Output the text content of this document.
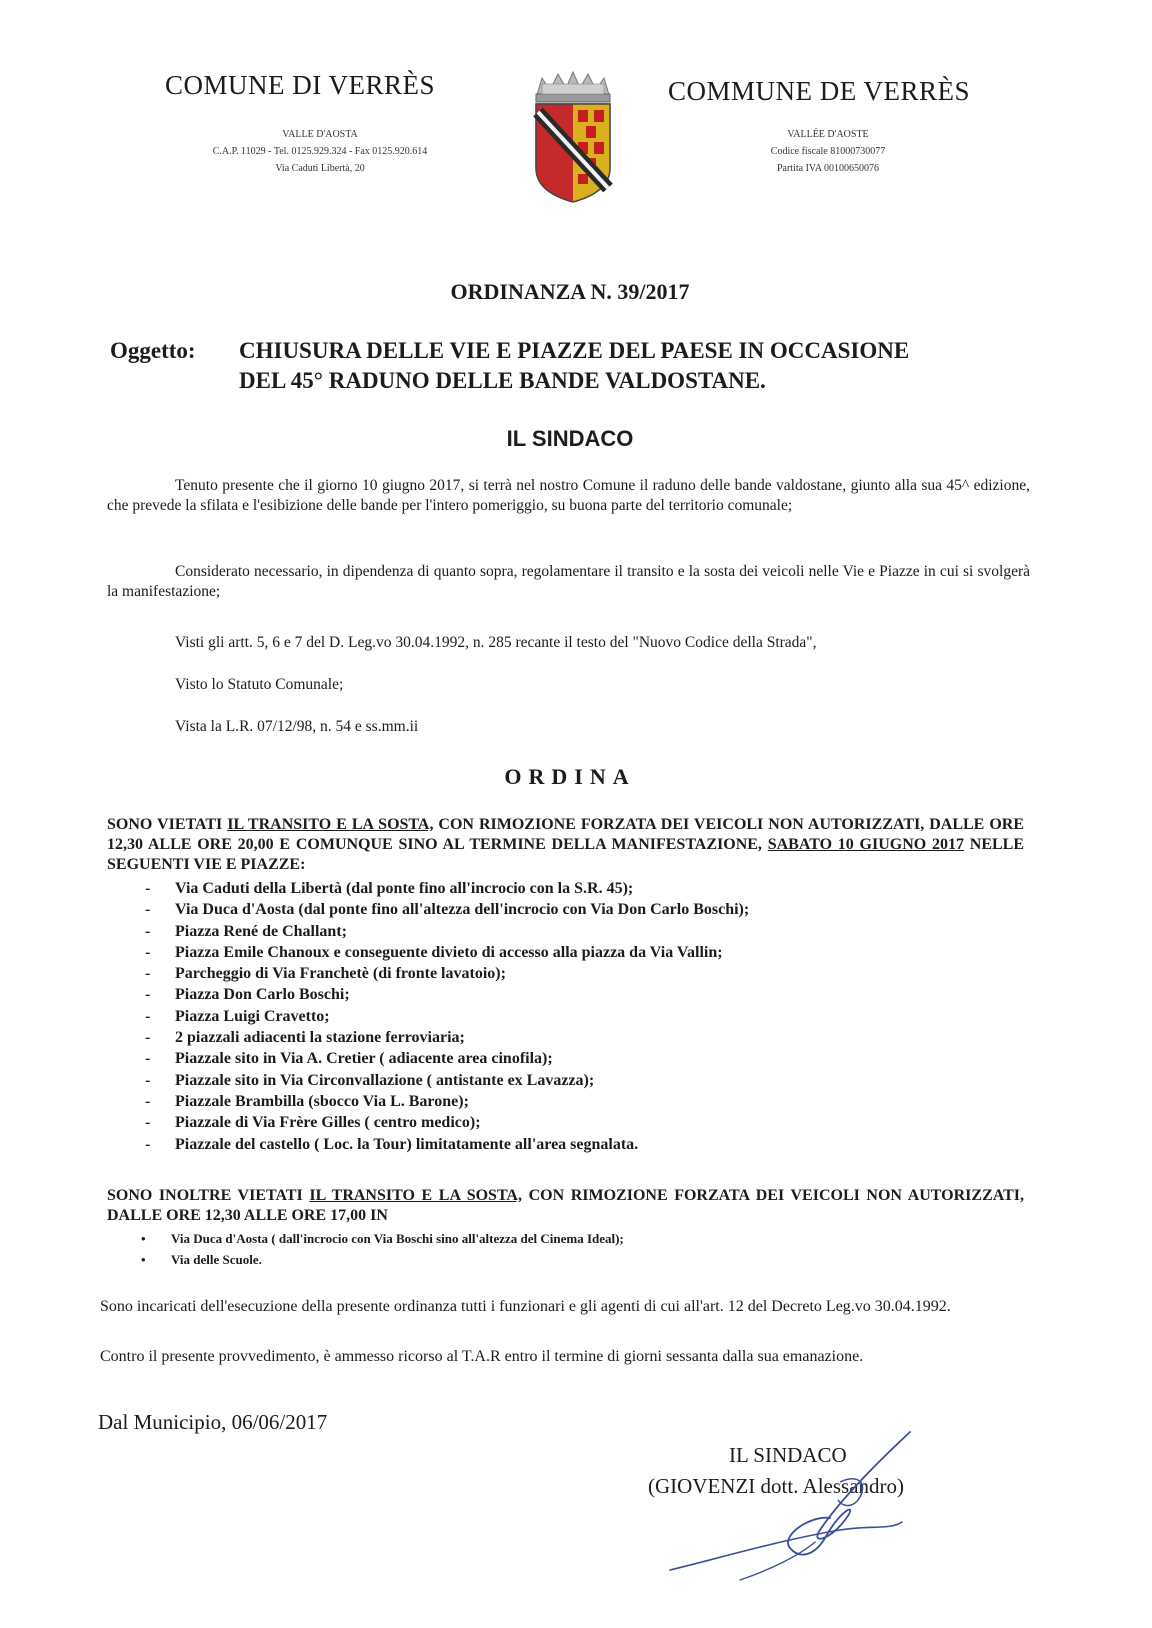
COMUNE DI VERRÈS
VALLE D'AOSTA
C.A.P. 11029 - Tel. 0125.929.324 - Fax 0125.920.614
Via Caduti Libertà, 20
COMMUNE DE VERRÈS
VALLÉE D'AOSTE
Codice fiscale 81000730077
Partita IVA 00100650076
ORDINANZA N. 39/2017
Oggetto: CHIUSURA DELLE VIE E PIAZZE DEL PAESE IN OCCASIONE
DEL 45° RADUNO DELLE BANDE VALDOSTANE.
IL SINDACO
Tenuto presente che il giorno 10 giugno 2017, si terrà nel nostro Comune il raduno delle bande valdostane, giunto alla sua 45^ edizione, che prevede la sfilata e l'esibizione delle bande per l'intero pomeriggio, su buona parte del territorio comunale;
Considerato necessario, in dipendenza di quanto sopra, regolamentare il transito e la sosta dei veicoli nelle Vie e Piazze in cui si svolgerà la manifestazione;
Visti gli artt. 5, 6 e 7 del D. Leg.vo 30.04.1992, n. 285 recante il testo del "Nuovo Codice della Strada",
Visto lo Statuto Comunale;
Vista la L.R. 07/12/98, n. 54 e ss.mm.ii
ORDINA
SONO VIETATI IL TRANSITO E LA SOSTA, CON RIMOZIONE FORZATA DEI VEICOLI NON AUTORIZZATI, DALLE ORE 12,30 ALLE ORE 20,00 E COMUNQUE SINO AL TERMINE DELLA MANIFESTAZIONE, SABATO 10 GIUGNO 2017 NELLE SEGUENTI VIE E PIAZZE:
- Via Caduti della Libertà (dal ponte fino all'incrocio con la S.R. 45);
- Via Duca d'Aosta (dal ponte fino all'altezza dell'incrocio con Via Don Carlo Boschi);
- Piazza René de Challant;
- Piazza Emile Chanoux e conseguente divieto di accesso alla piazza da Via Vallin;
- Parcheggio di Via Franchetè (di fronte lavatoio);
- Piazza Don Carlo Boschi;
- Piazza Luigi Cravetto;
- 2 piazzali adiacenti la stazione ferroviaria;
- Piazzale sito in Via A. Cretier ( adiacente area cinofila);
- Piazzale sito in Via Circonvallazione ( antistante ex Lavazza);
- Piazzale Brambilla (sbocco Via L. Barone);
- Piazzale di Via Frère Gilles ( centro medico);
- Piazzale del castello ( Loc. la Tour) limitatamente all'area segnalata.
SONO INOLTRE VIETATI IL TRANSITO E LA SOSTA, CON RIMOZIONE FORZATA DEI VEICOLI NON AUTORIZZATI, DALLE ORE 12,30 ALLE ORE 17,00 IN
• Via Duca d'Aosta ( dall'incrocio con Via Boschi sino all'altezza del Cinema Ideal);
• Via delle Scuole.
Sono incaricati dell'esecuzione della presente ordinanza tutti i funzionari e gli agenti di cui all'art. 12 del Decreto Leg.vo 30.04.1992.
Contro il presente provvedimento, è ammesso ricorso al T.A.R entro il termine di giorni sessanta dalla sua emanazione.
Dal Municipio, 06/06/2017
IL SINDACO
(GIOVENZI dott. Alessandro)
